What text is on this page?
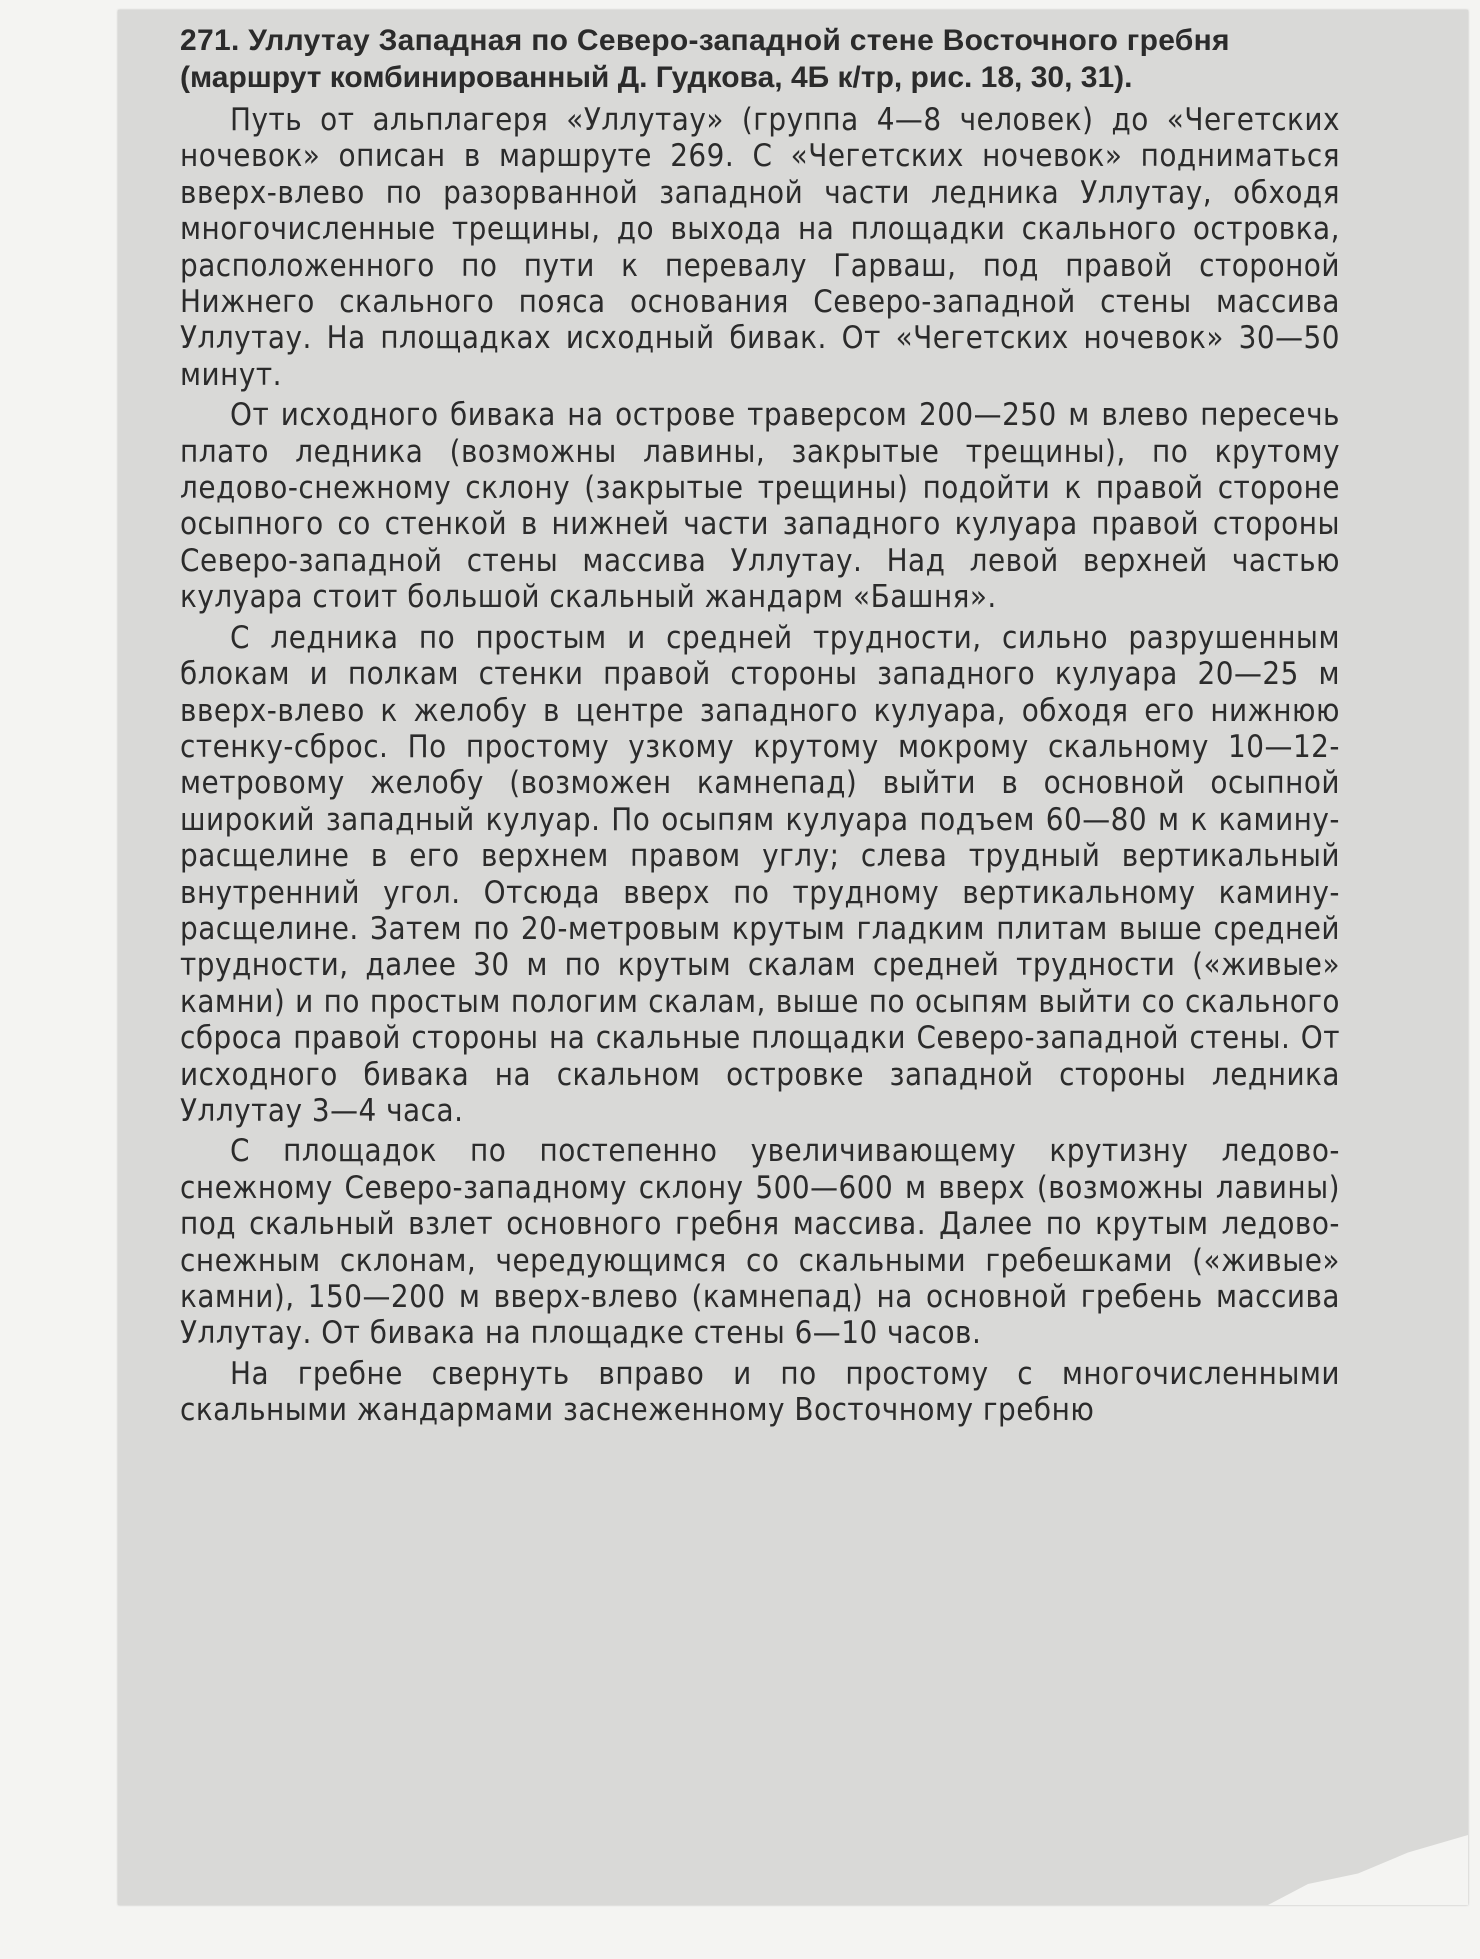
271. Уллутау Западная по Северо-западной стене Восточного гребня

(маршрут комбинированный Д. Гудкова, 4Б к/тр, рис. 18, 30, 31).

Путь от альплагеря «Уллутау» (группа 4—8 человек) до «Чегетских ночевок» описан в маршруте 269. С «Чегетских ночевок» подниматься вверх-влево по разорванной западной части ледника Уллутау, обходя многочисленные трещины, до выхода на площадки скального островка, расположенного по пути к перевалу Гарваш, под правой стороной Нижнего скального пояса основания Северо-западной стены массива Уллутау. На площадках исходный бивак. От «Чегетских ночевок» 30—50 минут.

От исходного бивака на острове траверсом 200—250 м влево пересечь плато ледника (возможны лавины, закрытые трещины), по крутому ледово-снежному склону (закрытые трещины) подойти к правой стороне осыпного со стенкой в нижней части западного кулуара правой стороны Северо-западной стены массива Уллутау. Над левой верхней частью кулуара стоит большой скальный жандарм «Башня».

С ледника по простым и средней трудности, сильно разрушенным блокам и полкам стенки правой стороны западного кулуара 20—25 м вверх-влево к желобу в центре западного кулуара, обходя его нижнюю стенку-сброс. По простому узкому крутому мокрому скальному 10—12-метровому желобу (возможен камнепад) выйти в основной осыпной широкий западный кулуар. По осыпям кулуара подъем 60—80 м к камину-расщелине в его верхнем правом углу; слева трудный вертикальный внутренний угол. Отсюда вверх по трудному вертикальному камину-расщелине. Затем по 20-метровым крутым гладким плитам выше средней трудности, далее 30 м по крутым скалам средней трудности («живые» камни) и по простым пологим скалам, выше по осыпям выйти со скального сброса правой стороны на скальные площадки Северо-западной стены. От исходного бивака на скальном островке западной стороны ледника Уллутау 3—4 часа.

С площадок по постепенно увеличивающему крутизну ледово-снежному Северо-западному склону 500—600 м вверх (возможны лавины) под скальный взлет основного гребня массива. Далее по крутым ледово-снежным склонам, чередующимся со скальными гребешками («живые» камни), 150—200 м вверх-влево (камнепад) на основной гребень массива Уллутау. От бивака на площадке стены 6—10 часов.

На гребне свернуть вправо и по простому с многочисленными скальными жандармами заснеженному Восточному гребню
